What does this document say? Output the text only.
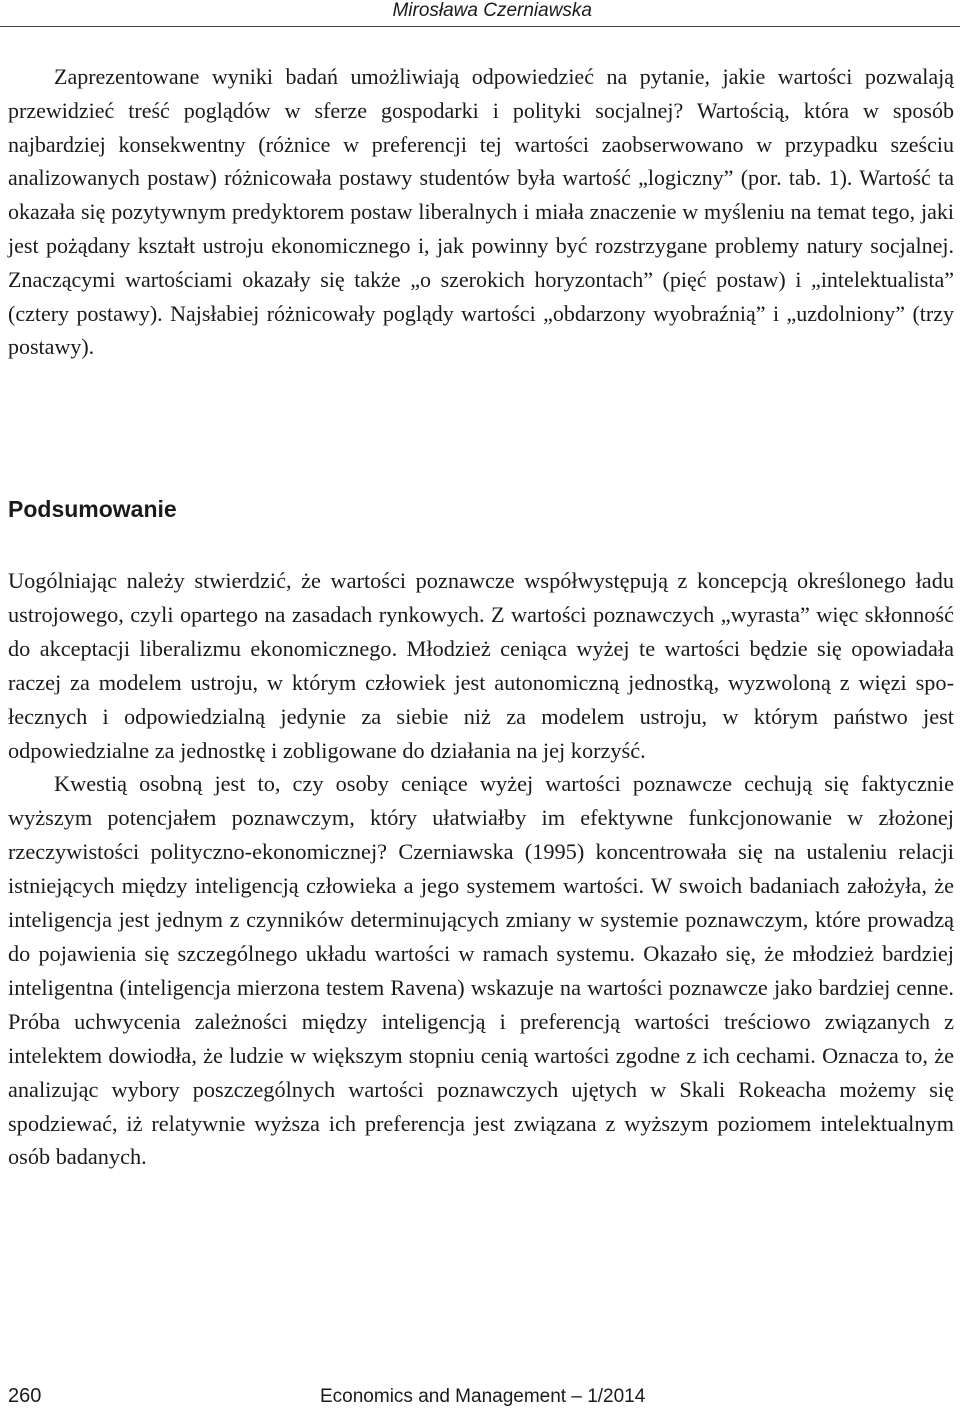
Mirosława Czerniawska

Zaprezentowane wyniki badań umożliwiają odpowiedzieć na pytanie, jakie wartości pozwalają przewidzieć treść poglądów w sferze gospodarki i polityki socjalnej? Wartością, która w sposób najbardziej konsekwentny (różnice w preferencji tej wartości zaobserwowano w przypadku sześciu analizowanych postaw) różnicowała postawy studentów była wartość „logiczny” (por. tab. 1). Wartość ta okazała się pozytywnym predyktorem postaw liberalnych i miała znaczenie w myśleniu na temat tego, jaki jest pożądany kształt ustroju ekonomicznego i, jak powinny być rozstrzygane problemy natury socjalnej. Znaczącymi wartościami okazały się także „o szerokich horyzontach” (pięć postaw) i „intelektualista” (cztery postawy). Najsłabiej różnicowały poglądy wartości „obdarzony wyobraźnią” i „uzdolniony” (trzy postawy).

Podsumowanie

Uogólniając należy stwierdzić, że wartości poznawcze współwystępują z koncepcją określonego ładu ustrojowego, czyli opartego na zasadach rynkowych. Z wartości poznawczych „wyrasta” więc skłonność do akceptacji liberalizmu ekonomicznego. Młodzież ceniąca wyżej te wartości będzie się opowiadała raczej za modelem ustroju, w którym człowiek jest autonomiczną jednostką, wyzwoloną z więzi społecznych i odpowiedzialną jedynie za siebie niż za modelem ustroju, w którym państwo jest odpowiedzialne za jednostkę i zobligowane do działania na jej korzyść.

Kwestią osobną jest to, czy osoby ceniące wyżej wartości poznawcze cechują się faktycznie wyższym potencjałem poznawczym, który ułatwiałby im efektywne funkcjonowanie w złożonej rzeczywistości polityczno-ekonomicznej? Czerniawska (1995) koncentrowała się na ustaleniu relacji istniejących między inteligencją człowieka a jego systemem wartości. W swoich badaniach założyła, że inteligencja jest jednym z czynników determinujących zmiany w systemie poznawczym, które prowadzą do pojawienia się szczególnego układu wartości w ramach systemu. Okazało się, że młodzież bardziej inteligentna (inteligencja mierzona testem Ravena) wskazuje na wartości poznawcze jako bardziej cenne. Próba uchwycenia zależności między inteligencją i preferencją wartości treściowo związanych z intelektem dowiodła, że ludzie w większym stopniu cenią wartości zgodne z ich cechami. Oznacza to, że analizując wybory poszczególnych wartości poznawczych ujętych w Skali Rokeacha możemy się spodziewać, iż relatywnie wyższa ich preferencja jest związana z wyższym poziomem intelektualnym osób badanych.

260	Economics and Management – 1/2014
